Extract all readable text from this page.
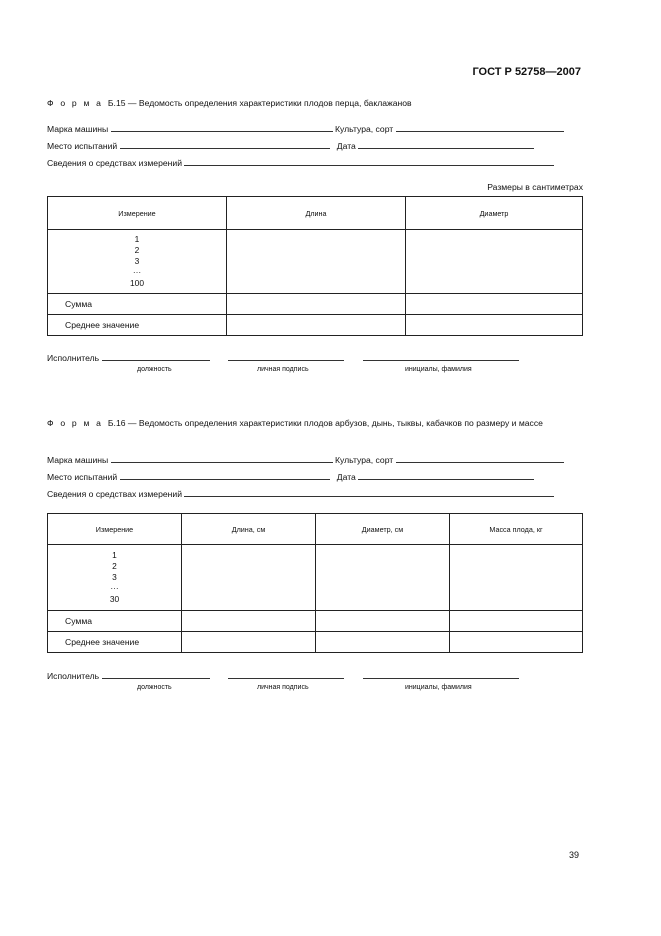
ГОСТ Р 52758—2007
Ф о р м а Б.15 — Ведомость определения характеристики плодов перца, баклажанов
Марка машины	Культура, сорт
Место испытаний	Дата
Сведения о средствах измерений
Размеры в сантиметрах
Измерение	Длина	Диаметр

1
2
3
···
100		

Сумма		
Среднее значение		
Исполнитель
должность	личная подпись	инициалы, фамилия
Ф о р м а Б.16 — Ведомость определения характеристики плодов арбузов, дынь, тыквы, кабачков по размеру и массе
Марка машины	Культура, сорт
Место испытаний	Дата
Сведения о средствах измерений
Измерение	Длина, см	Диаметр, см	Масса плода, кг

1
2
3
···
30			

Сумма			
Среднее значение			
Исполнитель
должность	личная подпись	инициалы, фамилия
39
